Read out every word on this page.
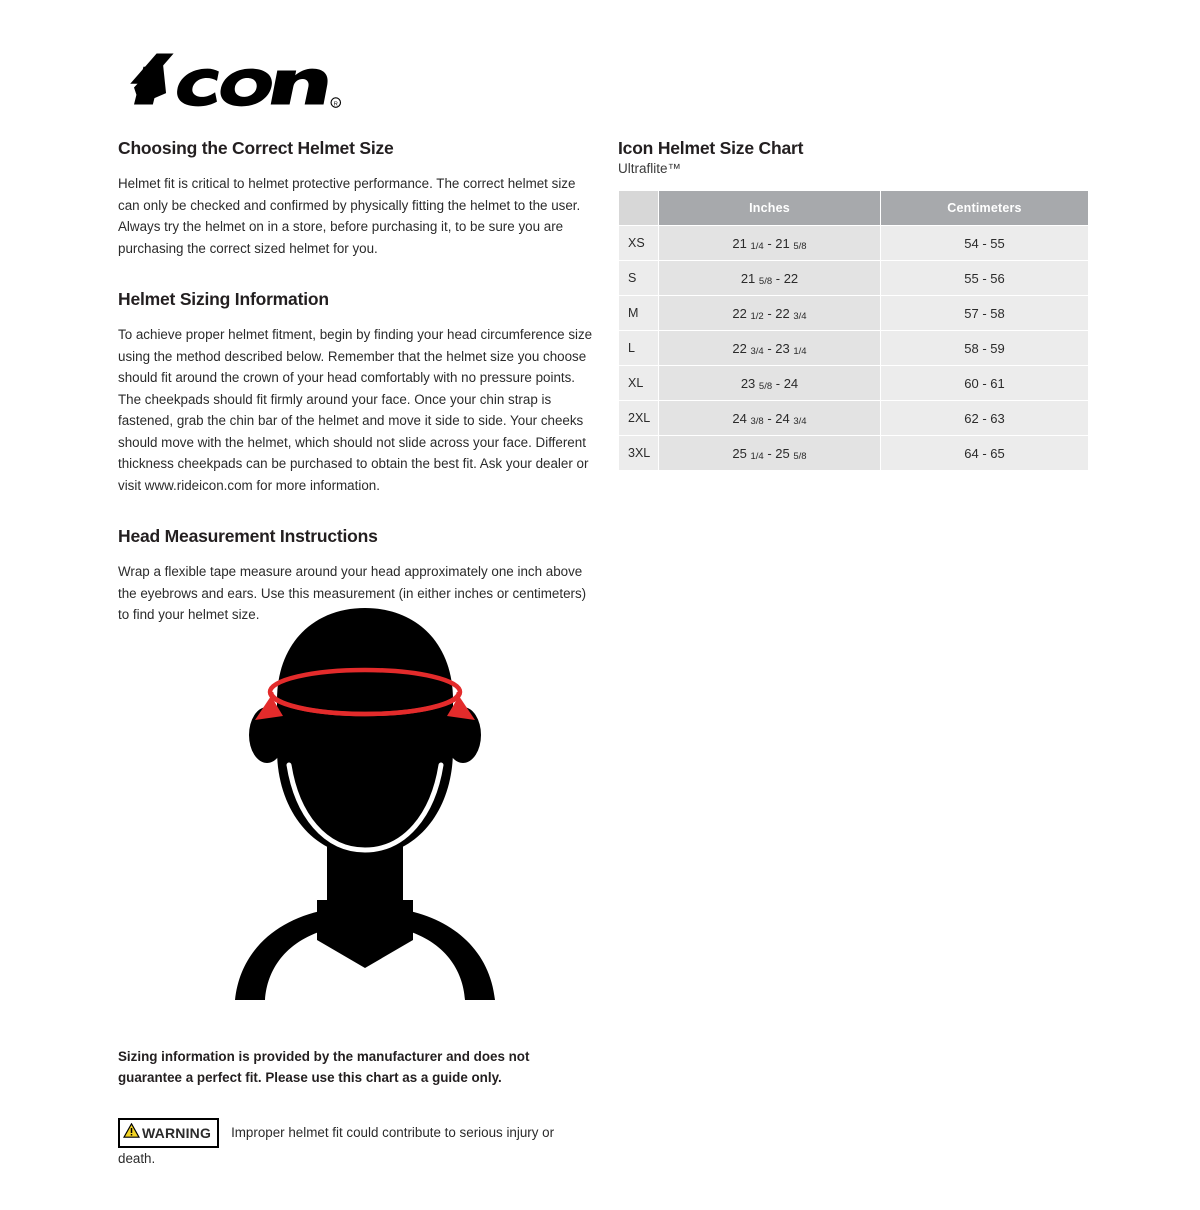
R
Choosing the Correct Helmet Size

Helmet fit is critical to helmet protective performance. The correct helmet size can only be checked and confirmed by physically fitting the helmet to the user. Always try the helmet on in a store, before purchasing it, to be sure you are purchasing the correct sized helmet for you.

Helmet Sizing Information

To achieve proper helmet fitment, begin by finding your head circumference size using the method described below. Remember that the helmet size you choose should fit around the crown of your head comfortably with no pressure points. The cheekpads should fit firmly around your face. Once your chin strap is fastened, grab the chin bar of the helmet and move it side to side. Your cheeks should move with the helmet, which should not slide across your face. Different thickness cheekpads can be purchased to obtain the best fit. Ask your dealer or visit www.rideicon.com for more information.

Head Measurement Instructions

Wrap a flexible tape measure around your head approximately one inch above the eyebrows and ears. Use this measurement (in either inches or centimeters) to find your helmet size.

Icon Helmet Size Chart
Ultraflite™
	Inches	Centimeters
XS	21 1/4 - 21 5/8	54 - 55
S	21 5/8 - 22	55 - 56
M	22 1/2 - 22 3/4	57 - 58
L	22 3/4 - 23 1/4	58 - 59
XL	23 5/8 - 24	60 - 61
2XL	24 3/8 - 24 3/4	62 - 63
3XL	25 1/4 - 25 5/8	64 - 65
Sizing information is provided by the manufacturer and does not guarantee a perfect fit. Please use this chart as a guide only.
WARNING Improper helmet fit could contribute to serious injury or death.
